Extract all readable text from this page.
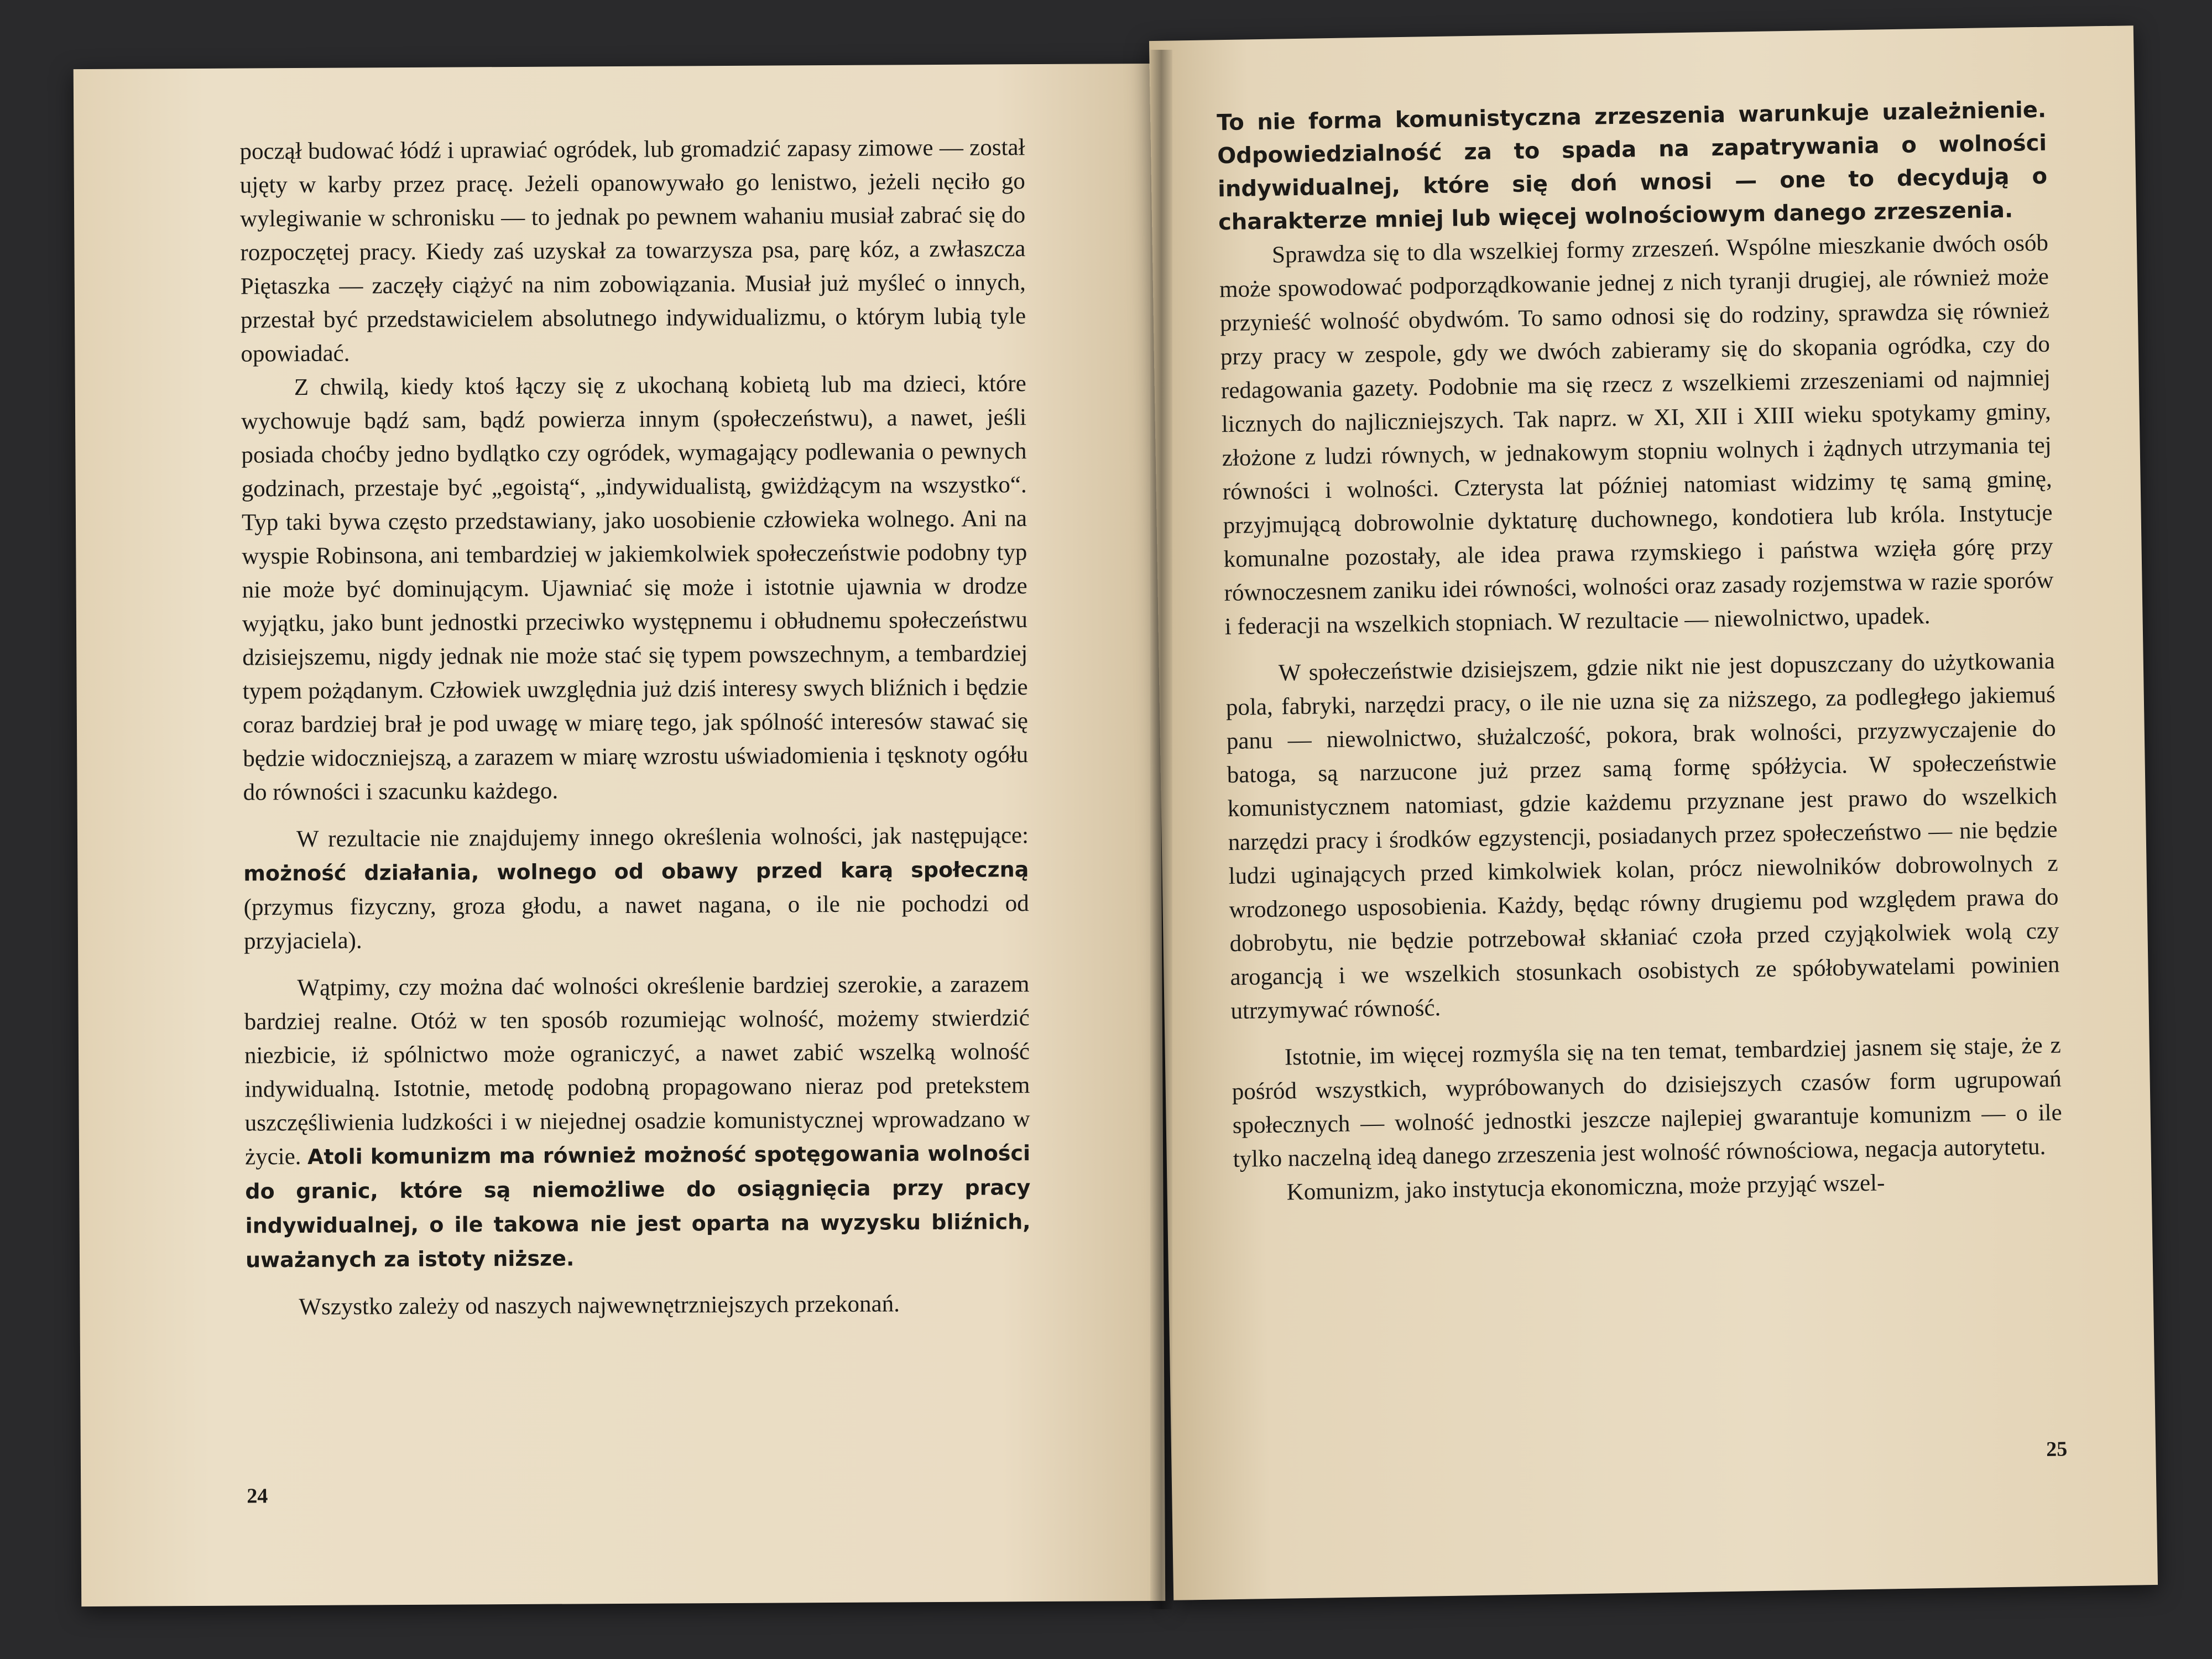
począł budować łódź i uprawiać ogródek, lub gromadzić zapasy zimowe — został ujęty w karby przez pracę. Jeżeli opanowywało go lenistwo, jeżeli nęciło go wylegiwanie w schronisku — to jednak po pewnem wahaniu musiał zabrać się do rozpoczętej pracy. Kiedy zaś uzyskał za towarzysza psa, parę kóz, a zwłaszcza Piętaszka — zaczęły ciążyć na nim zobowiązania. Musiał już myśleć o innych, przestał być przedstawicielem absolutnego indywidualizmu, o którym lubią tyle opowiadać.

Z chwilą, kiedy ktoś łączy się z ukochaną kobietą lub ma dzieci, które wychowuje bądź sam, bądź powierza innym (społeczeństwu), a nawet, jeśli posiada choćby jedno bydlątko czy ogródek, wymagający podlewania o pewnych godzinach, przestaje być „egoistą“, „indywidualistą, gwiżdżącym na wszystko“. Typ taki bywa często przedstawiany, jako uosobienie człowieka wolnego. Ani na wyspie Robinsona, ani tembardziej w jakiemkolwiek społeczeństwie podobny typ nie może być dominującym. Ujawniać się może i istotnie ujawnia w drodze wyjątku, jako bunt jednostki przeciwko występnemu i obłudnemu społeczeństwu dzisiejszemu, nigdy jednak nie może stać się typem powszechnym, a tembardziej typem pożądanym. Człowiek uwzględnia już dziś interesy swych bliźnich i będzie coraz bardziej brał je pod uwagę w miarę tego, jak spólność interesów stawać się będzie widoczniejszą, a zarazem w miarę wzrostu uświadomienia i tęsknoty ogółu do równości i szacunku każdego.

W rezultacie nie znajdujemy innego określenia wolności, jak następujące: możność działania, wolnego od obawy przed karą społeczną (przymus fizyczny, groza głodu, a nawet nagana, o ile nie pochodzi od przyjaciela).

Wątpimy, czy można dać wolności określenie bardziej szerokie, a zarazem bardziej realne. Otóż w ten sposób rozumiejąc wolność, możemy stwierdzić niezbicie, iż spólnictwo może ograniczyć, a nawet zabić wszelką wolność indywidualną. Istotnie, metodę podobną propagowano nieraz pod pretekstem uszczęśliwienia ludzkości i w niejednej osadzie komunistycznej wprowadzano w życie. Atoli komunizm ma również możność spotęgowania wolności do granic, które są niemożliwe do osiągnięcia przy pracy indywidualnej, o ile takowa nie jest oparta na wyzysku bliźnich, uważanych za istoty niższe.

Wszystko zależy od naszych najwewnętrzniejszych przekonań.

24

To nie forma komunistyczna zrzeszenia warunkuje uzależnienie. Odpowiedzialność za to spada na zapatrywania o wolności indywidualnej, które się doń wnosi — one to decydują o charakterze mniej lub więcej wolnościowym danego zrzeszenia.

Sprawdza się to dla wszelkiej formy zrzeszeń. Wspólne mieszkanie dwóch osób może spowodować podporządkowanie jednej z nich tyranji drugiej, ale również może przynieść wolność obydwóm. To samo odnosi się do rodziny, sprawdza się również przy pracy w zespole, gdy we dwóch zabieramy się do skopania ogródka, czy do redagowania gazety. Podobnie ma się rzecz z wszelkiemi zrzeszeniami od najmniej licznych do najliczniejszych. Tak naprz. w XI, XII i XIII wieku spotykamy gminy, złożone z ludzi równych, w jednakowym stopniu wolnych i żądnych utrzymania tej równości i wolności. Czterysta lat później natomiast widzimy tę samą gminę, przyjmującą dobrowolnie dyktaturę duchownego, kondotiera lub króla. Instytucje komunalne pozostały, ale idea prawa rzymskiego i państwa wzięła górę przy równoczesnem zaniku idei równości, wolności oraz zasady rozjemstwa w razie sporów i federacji na wszelkich stopniach. W rezultacie — niewolnictwo, upadek.

W społeczeństwie dzisiejszem, gdzie nikt nie jest dopuszczany do użytkowania pola, fabryki, narzędzi pracy, o ile nie uzna się za niższego, za podległego jakiemuś panu — niewolnictwo, służalczość, pokora, brak wolności, przyzwyczajenie do batoga, są narzucone już przez samą formę spółżycia. W społeczeństwie komunistycznem natomiast, gdzie każdemu przyznane jest prawo do wszelkich narzędzi pracy i środków egzystencji, posiadanych przez społeczeństwo — nie będzie ludzi uginających przed kimkolwiek kolan, prócz niewolników dobrowolnych z wrodzonego usposobienia. Każdy, będąc równy drugiemu pod względem prawa do dobrobytu, nie będzie potrzebował skłaniać czoła przed czyjąkolwiek wolą czy arogancją i we wszelkich stosunkach osobistych ze spółobywatelami powinien utrzymywać równość.

Istotnie, im więcej rozmyśla się na ten temat, tembardziej jasnem się staje, że z pośród wszystkich, wypróbowanych do dzisiejszych czasów form ugrupowań społecznych — wolność jednostki jeszcze najlepiej gwarantuje komunizm — o ile tylko naczelną ideą danego zrzeszenia jest wolność równościowa, negacja autorytetu.

Komunizm, jako instytucja ekonomiczna, może przyjąć wszel-

25
